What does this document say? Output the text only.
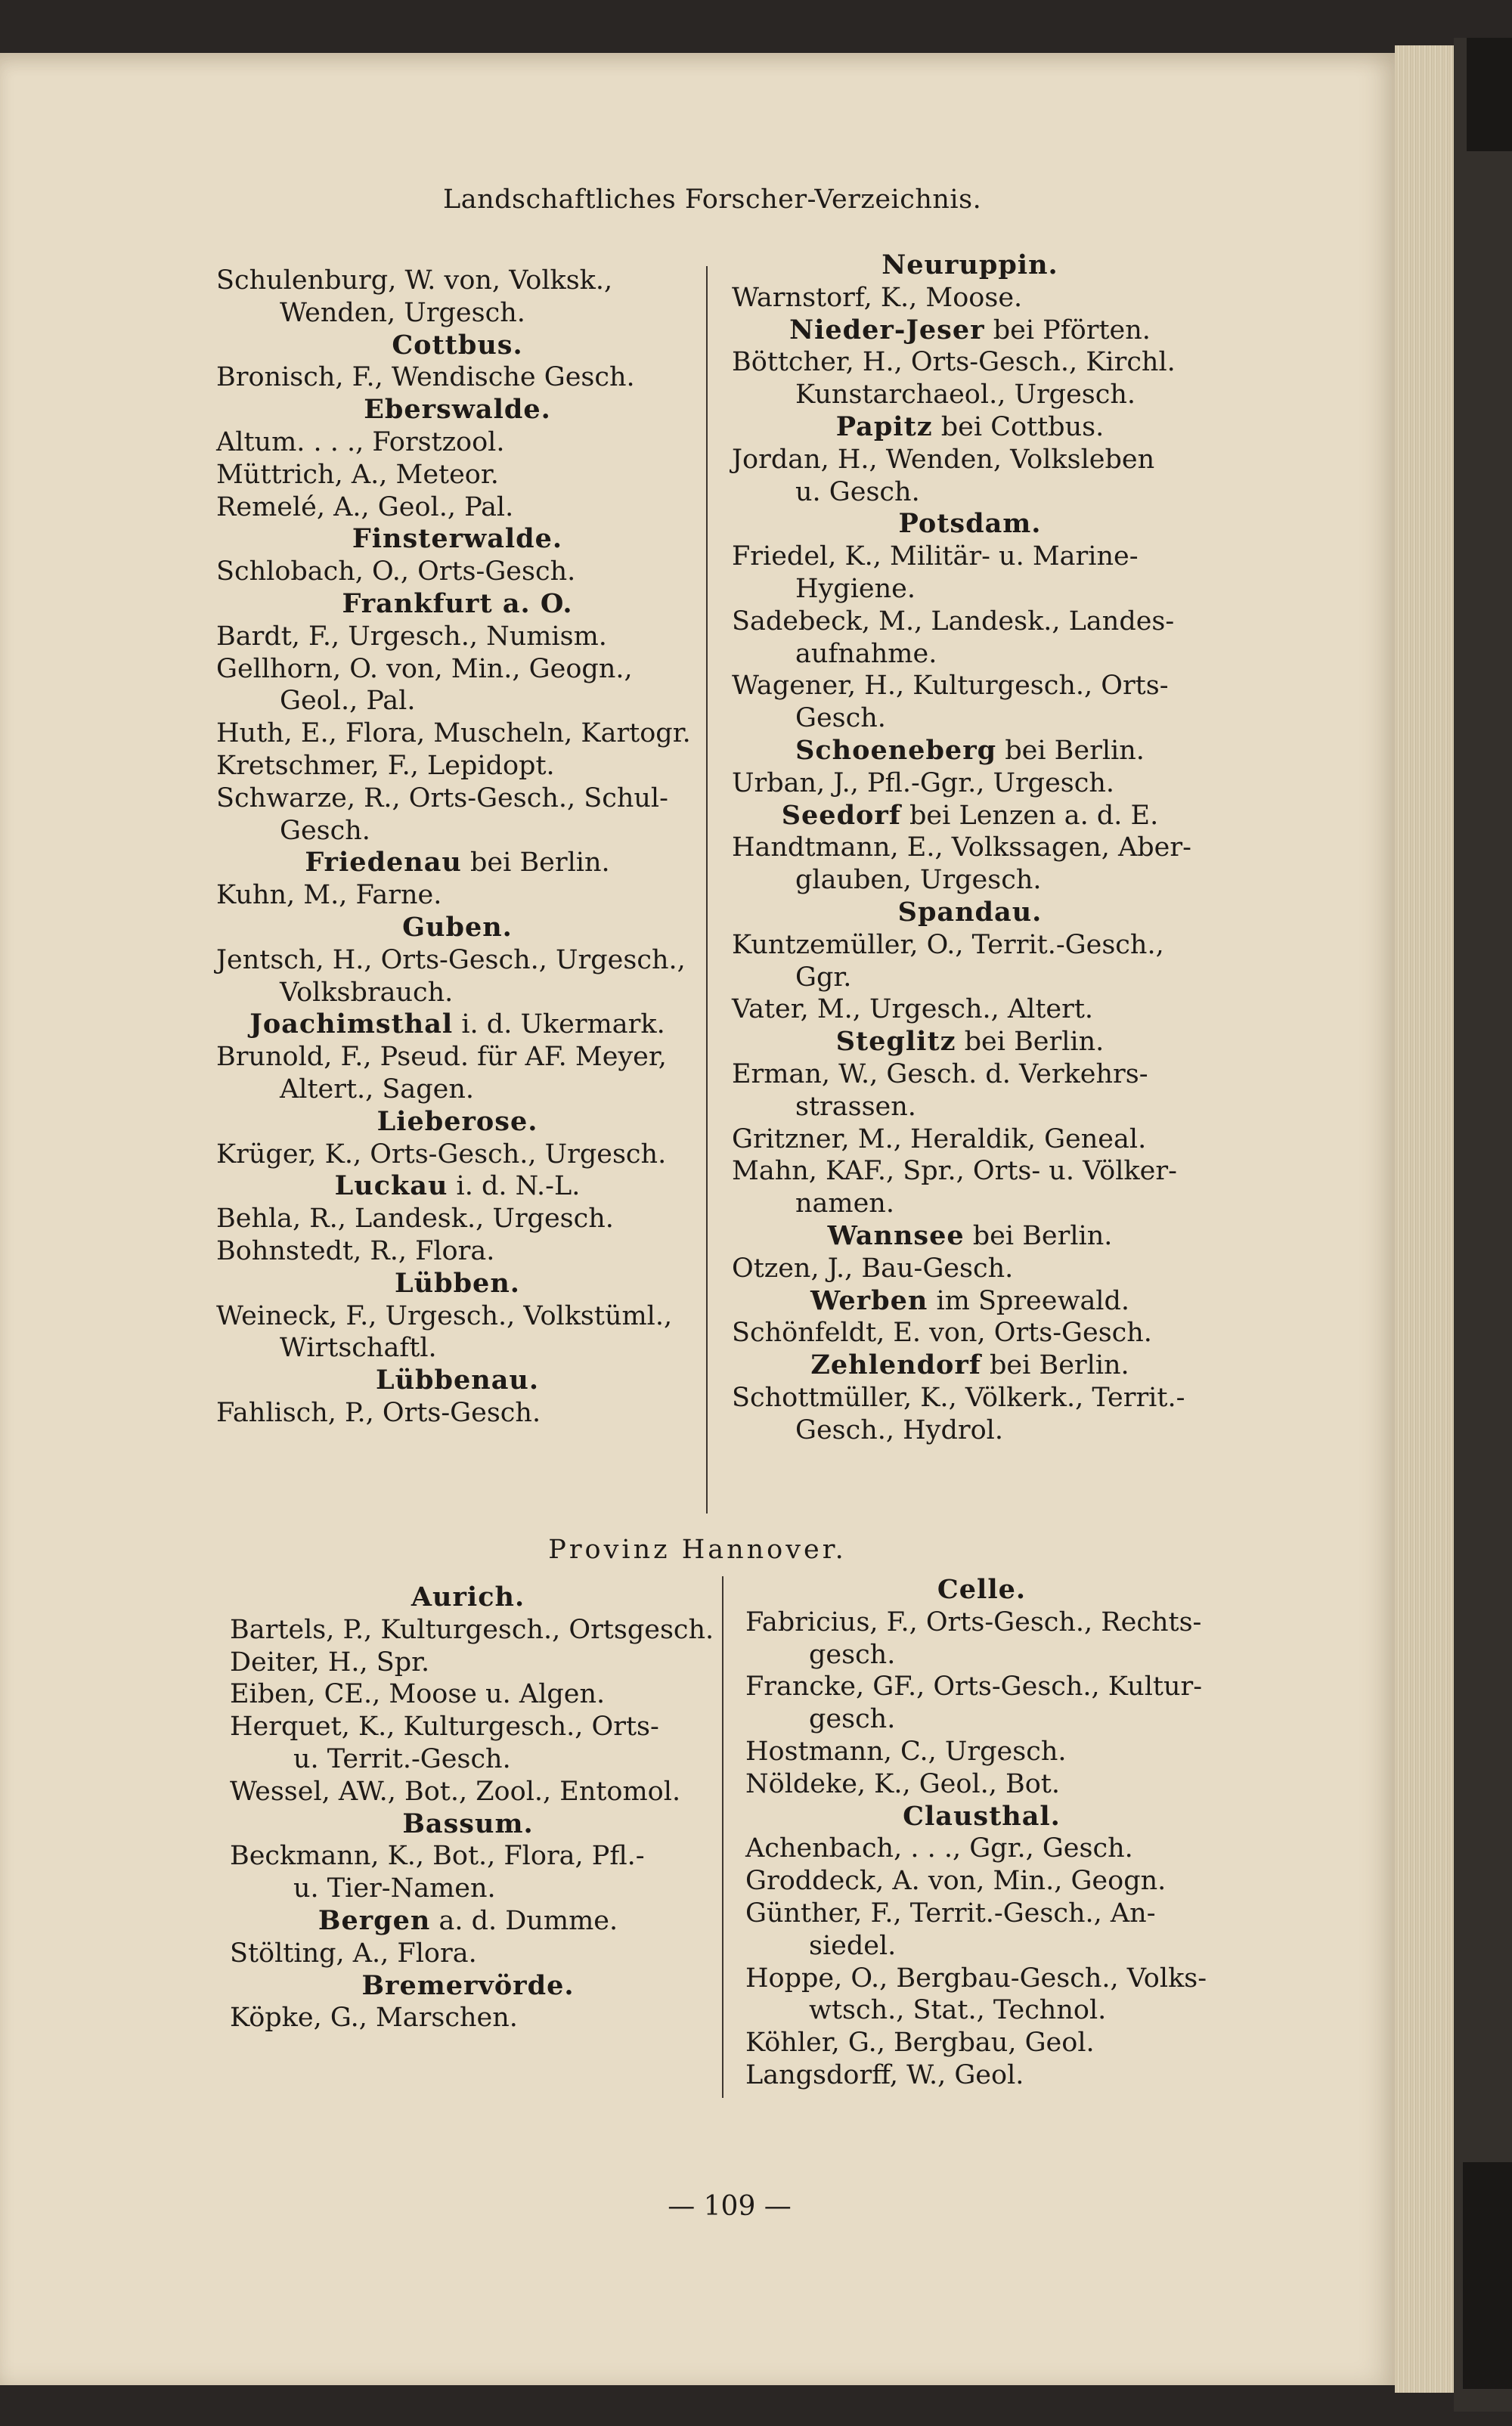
Landschaftliches Forscher-Verzeichnis.
Schulenburg, W. von, Volksk.,
Wenden, Urgesch.
Cottbus.
Bronisch, F., Wendische Gesch.
Eberswalde.
Altum. . . ., Forstzool.
Müttrich, A., Meteor.
Remelé, A., Geol., Pal.
Finsterwalde.
Schlobach, O., Orts-Gesch.
Frankfurt a. O.
Bardt, F., Urgesch., Numism.
Gellhorn, O. von, Min., Geogn.,
Geol., Pal.
Huth, E., Flora, Muscheln, Kartogr.
Kretschmer, F., Lepidopt.
Schwarze, R., Orts-Gesch., Schul-
Gesch.
Friedenau bei Berlin.
Kuhn, M., Farne.
Guben.
Jentsch, H., Orts-Gesch., Urgesch.,
Volksbrauch.
Joachimsthal i. d. Ukermark.
Brunold, F., Pseud. für AF. Meyer,
Altert., Sagen.
Lieberose.
Krüger, K., Orts-Gesch., Urgesch.
Luckau i. d. N.-L.
Behla, R., Landesk., Urgesch.
Bohnstedt, R., Flora.
Lübben.
Weineck, F., Urgesch., Volkstüml.,
Wirtschaftl.
Lübbenau.
Fahlisch, P., Orts-Gesch.
Neuruppin.
Warnstorf, K., Moose.
Nieder-Jeser bei Pförten.
Böttcher, H., Orts-Gesch., Kirchl.
Kunstarchaeol., Urgesch.
Papitz bei Cottbus.
Jordan, H., Wenden, Volksleben
u. Gesch.
Potsdam.
Friedel, K., Militär- u. Marine-
Hygiene.
Sadebeck, M., Landesk., Landes-
aufnahme.
Wagener, H., Kulturgesch., Orts-
Gesch.
Schoeneberg bei Berlin.
Urban, J., Pfl.-Ggr., Urgesch.
Seedorf bei Lenzen a. d. E.
Handtmann, E., Volkssagen, Aber-
glauben, Urgesch.
Spandau.
Kuntzemüller, O., Territ.-Gesch.,
Ggr.
Vater, M., Urgesch., Altert.
Steglitz bei Berlin.
Erman, W., Gesch. d. Verkehrs-
strassen.
Gritzner, M., Heraldik, Geneal.
Mahn, KAF., Spr., Orts- u. Völker-
namen.
Wannsee bei Berlin.
Otzen, J., Bau-Gesch.
Werben im Spreewald.
Schönfeldt, E. von, Orts-Gesch.
Zehlendorf bei Berlin.
Schottmüller, K., Völkerk., Territ.-
Gesch., Hydrol.
Provinz Hannover.
Aurich.
Bartels, P., Kulturgesch., Ortsgesch.
Deiter, H., Spr.
Eiben, CE., Moose u. Algen.
Herquet, K., Kulturgesch., Orts-
u. Territ.-Gesch.
Wessel, AW., Bot., Zool., Entomol.
Bassum.
Beckmann, K., Bot., Flora, Pfl.-
u. Tier-Namen.
Bergen a. d. Dumme.
Stölting, A., Flora.
Bremervörde.
Köpke, G., Marschen.
Celle.
Fabricius, F., Orts-Gesch., Rechts-
gesch.
Francke, GF., Orts-Gesch., Kultur-
gesch.
Hostmann, C., Urgesch.
Nöldeke, K., Geol., Bot.
Clausthal.
Achenbach, . . ., Ggr., Gesch.
Groddeck, A. von, Min., Geogn.
Günther, F., Territ.-Gesch., An-
siedel.
Hoppe, O., Bergbau-Gesch., Volks-
wtsch., Stat., Technol.
Köhler, G., Bergbau, Geol.
Langsdorff, W., Geol.
— 109 —
